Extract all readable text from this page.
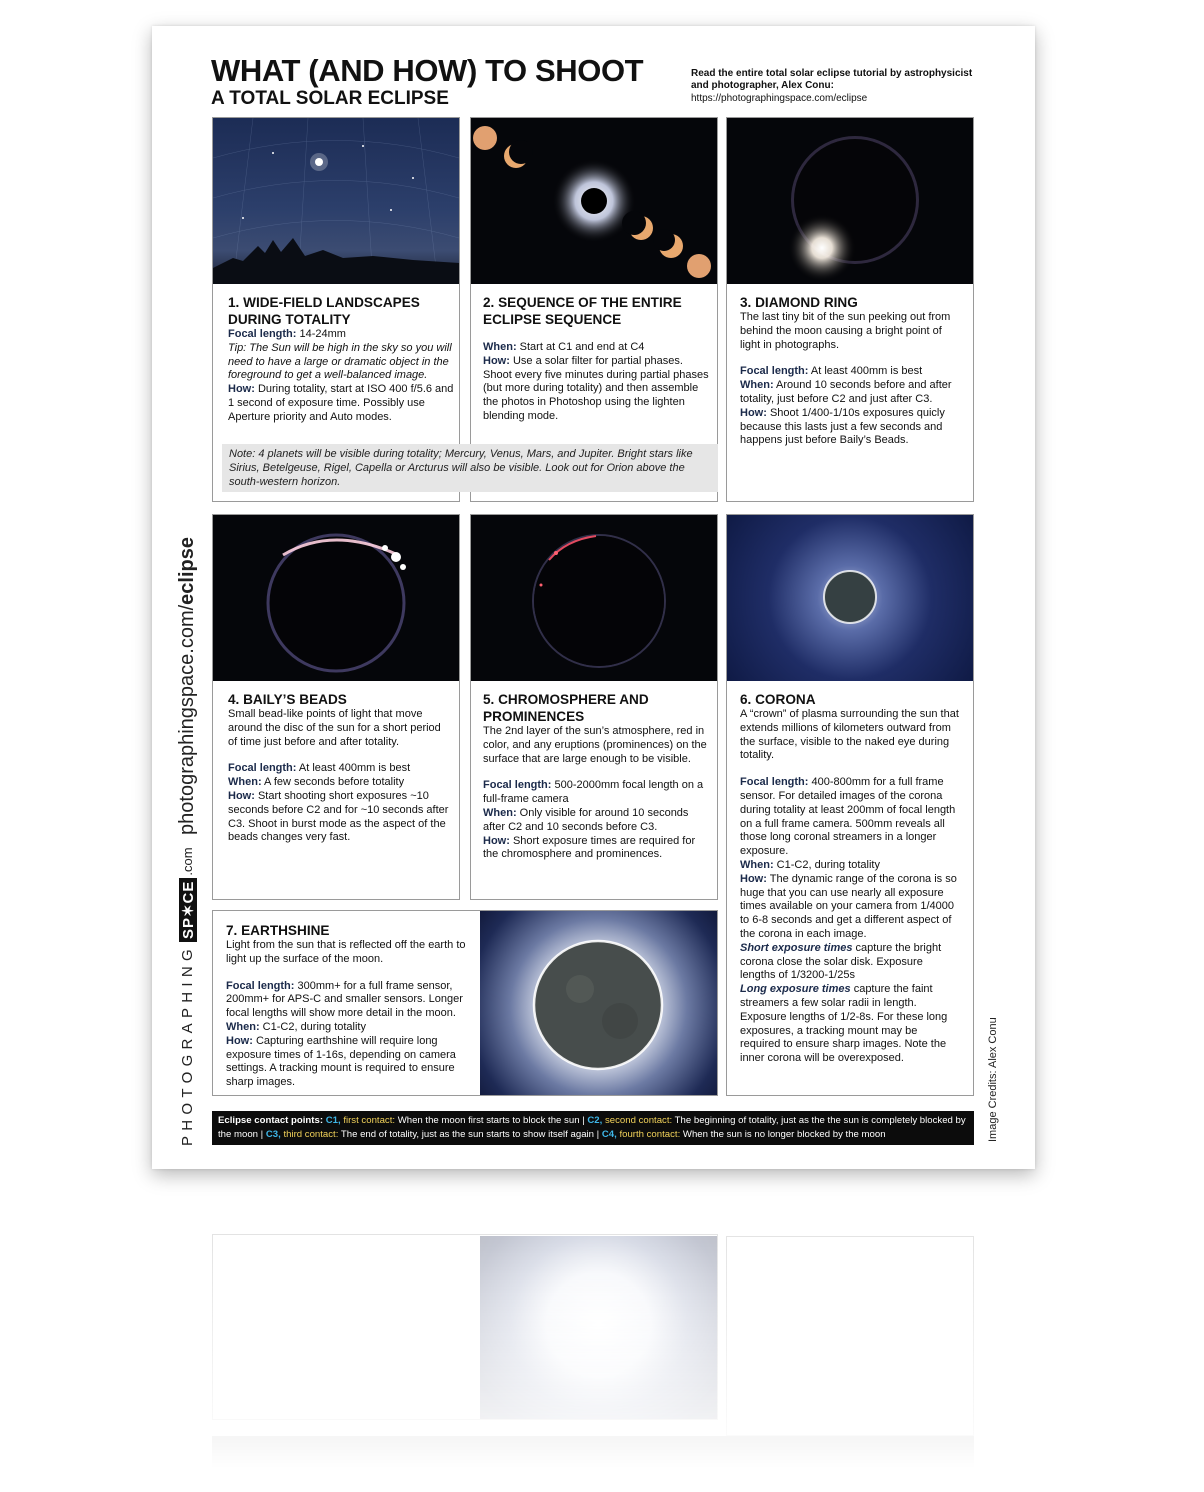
WHAT (AND HOW) TO SHOOT
A TOTAL SOLAR ECLIPSE
Read the entire total solar eclipse tutorial by astrophysicist and photographer, Alex Conu:
https://photographingspace.com/eclipse
PHOTOGRAPHINGSP✶CE.com photographingspace.com/eclipse
Image Credits: Alex Conu
1. WIDE-FIELD LANDSCAPES DURING TOTALITY
Focal length: 14-24mm
Tip: The Sun will be high in the sky so you will need to have a large or dramatic object in the foreground to get a well-balanced image.
How: During totality, start at ISO 400 f/5.6 and 1 second of exposure time. Possibly use Aperture priority and Auto modes.
2. SEQUENCE OF THE ENTIRE ECLIPSE SEQUENCE
When: Start at C1 and end at C4
How: Use a solar filter for partial phases. Shoot every five minutes during partial phases (but more during totality) and then assemble the photos in Photoshop using the lighten blending mode.
3. DIAMOND RING
The last tiny bit of the sun peeking out from behind the moon causing a bright point of light in photographs.
Focal length: At least 400mm is best
When: Around 10 seconds before and after totality, just before C2 and just after C3.
How: Shoot 1/400-1/10s exposures quicly because this lasts just a few seconds and happens just before Baily’s Beads.
Note: 4 planets will be visible during totality; Mercury, Venus, Mars, and Jupiter. Bright stars like Sirius, Betelgeuse, Rigel, Capella or Arcturus will also be visible. Look out for Orion above the south-western horizon.
4. BAILY’S BEADS
Small bead-like points of light that move around the disc of the sun for a short period of time just before and after totality.
Focal length: At least 400mm is best
When: A few seconds before totality
How: Start shooting short exposures ~10 seconds before C2 and for ~10 seconds after C3. Shoot in burst mode as the aspect of the beads changes very fast.
5. CHROMOSPHERE AND PROMINENCES
The 2nd layer of the sun’s atmosphere, red in color, and any eruptions (prominences) on the surface that are large enough to be visible.
Focal length: 500-2000mm focal length on a full-frame camera
When: Only visible for around 10 seconds after C2 and 10 seconds before C3.
How: Short exposure times are required for the chromosphere and prominences.
6. CORONA
A “crown” of plasma surrounding the sun that extends millions of kilometers outward from the surface, visible to the naked eye during totality.
Focal length: 400-800mm for a full frame sensor. For detailed images of the corona during totality at least 200mm of focal length on a full frame camera. 500mm reveals all those long coronal streamers in a longer exposure.
When: C1-C2, during totality
How: The dynamic range of the corona is so huge that you can use nearly all exposure times available on your camera from 1/4000 to 6-8 seconds and get a different aspect of the corona in each image.
Short exposure times capture the bright corona close the solar disk. Exposure lengths of 1/3200-1/25s
Long exposure times capture the faint streamers a few solar radii in length. Exposure lengths of 1/2-8s. For these long exposures, a tracking mount may be required to ensure sharp images. Note the inner corona will be overexposed.
7. EARTHSHINE
Light from the sun that is reflected off the earth to light up the surface of the moon.
Focal length: 300mm+ for a full frame sensor, 200mm+ for APS-C and smaller sensors. Longer focal lengths will show more detail in the moon.
When: C1-C2, during totality
How: Capturing earthshine will require long exposure times of 1-16s, depending on camera settings. A tracking mount is required to ensure sharp images.
Eclipse contact points: C1, first contact: When the moon first starts to block the sun | C2, second contact: The beginning of totality, just as the the sun is completely blocked by the moon | C3, third contact: The end of totality, just as the sun starts to show itself again | C4, fourth contact: When the sun is no longer blocked by the moon
